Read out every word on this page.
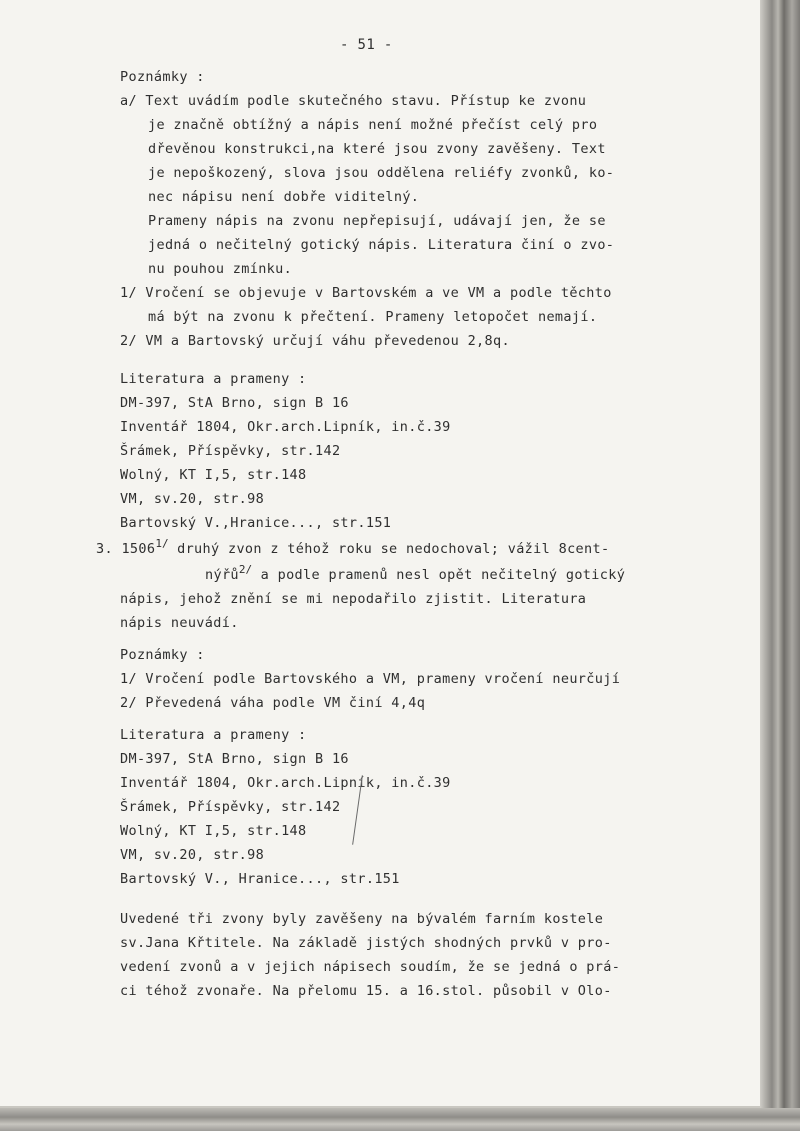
- 51 -
Poznámky :
a/ Text uvádím podle skutečného stavu. Přístup ke zvonu
je značně obtížný a nápis není možné přečíst celý pro
dřevěnou konstrukci,na které jsou zvony zavěšeny. Text
je nepoškozený, slova jsou oddělena reliéfy zvonků, ko-
nec nápisu není dobře viditelný.
Prameny nápis na zvonu nepřepisují, udávají jen, že se
jedná o nečitelný gotický nápis. Literatura činí o zvo-
nu pouhou zmínku.
1/ Vročení se objevuje v Bartovském a ve VM a podle těchto
má být na zvonu k přečtení. Prameny letopočet nemají.
2/ VM a Bartovský určují váhu převedenou 2,8q.
Literatura a prameny :
DM-397, StA Brno, sign B 16
Inventář 1804, Okr.arch.Lipník, in.č.39
Šrámek, Příspěvky, str.142
Wolný, KT I,5, str.148
VM, sv.20, str.98
Bartovský V.,Hranice..., str.151
3. $1506^{1/}$ druhý zvon z téhož roku se nedochoval; vážil 8cent-
nýřů$^{2/}$ a podle pramenů nesl opět nečitelný gotický
nápis, jehož znění se mi nepodařilo zjistit. Literatura
nápis neuvádí.
Poznámky :
1/ Vročení podle Bartovského a VM, prameny vročení neurčují
2/ Převedená váha podle VM činí 4,4q
Literatura a prameny :
DM-397, StA Brno, sign B 16
Inventář 1804, Okr.arch.Lipník, in.č.39
Šrámek, Příspěvky, str.142
Wolný, KT I,5, str.148
VM, sv.20, str.98
Bartovský V., Hranice..., str.151
Uvedené tři zvony byly zavěšeny na bývalém farním kostele
sv.Jana Křtitele. Na základě jistých shodných prvků v pro-
vedení zvonů a v jejich nápisech soudím, že se jedná o prá-
ci téhož zvonaře. Na přelomu 15. a 16.stol. působil v Olo-
